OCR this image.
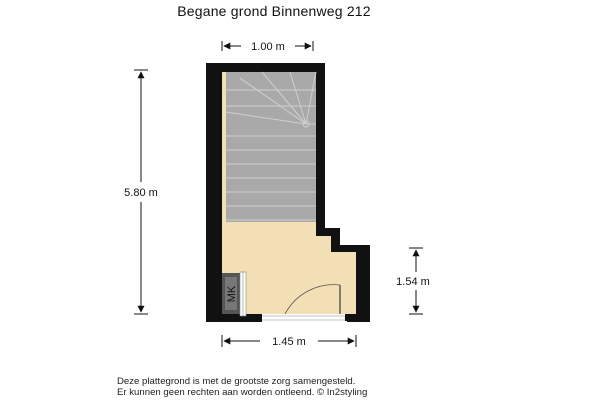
Begane grond Binnenweg 212
MK
1.00 m
5.80 m
1.54 m
1.45 m
Deze plattegrond is met de grootste zorg samengesteld.
Er kunnen geen rechten aan worden ontleend. © In2styling
